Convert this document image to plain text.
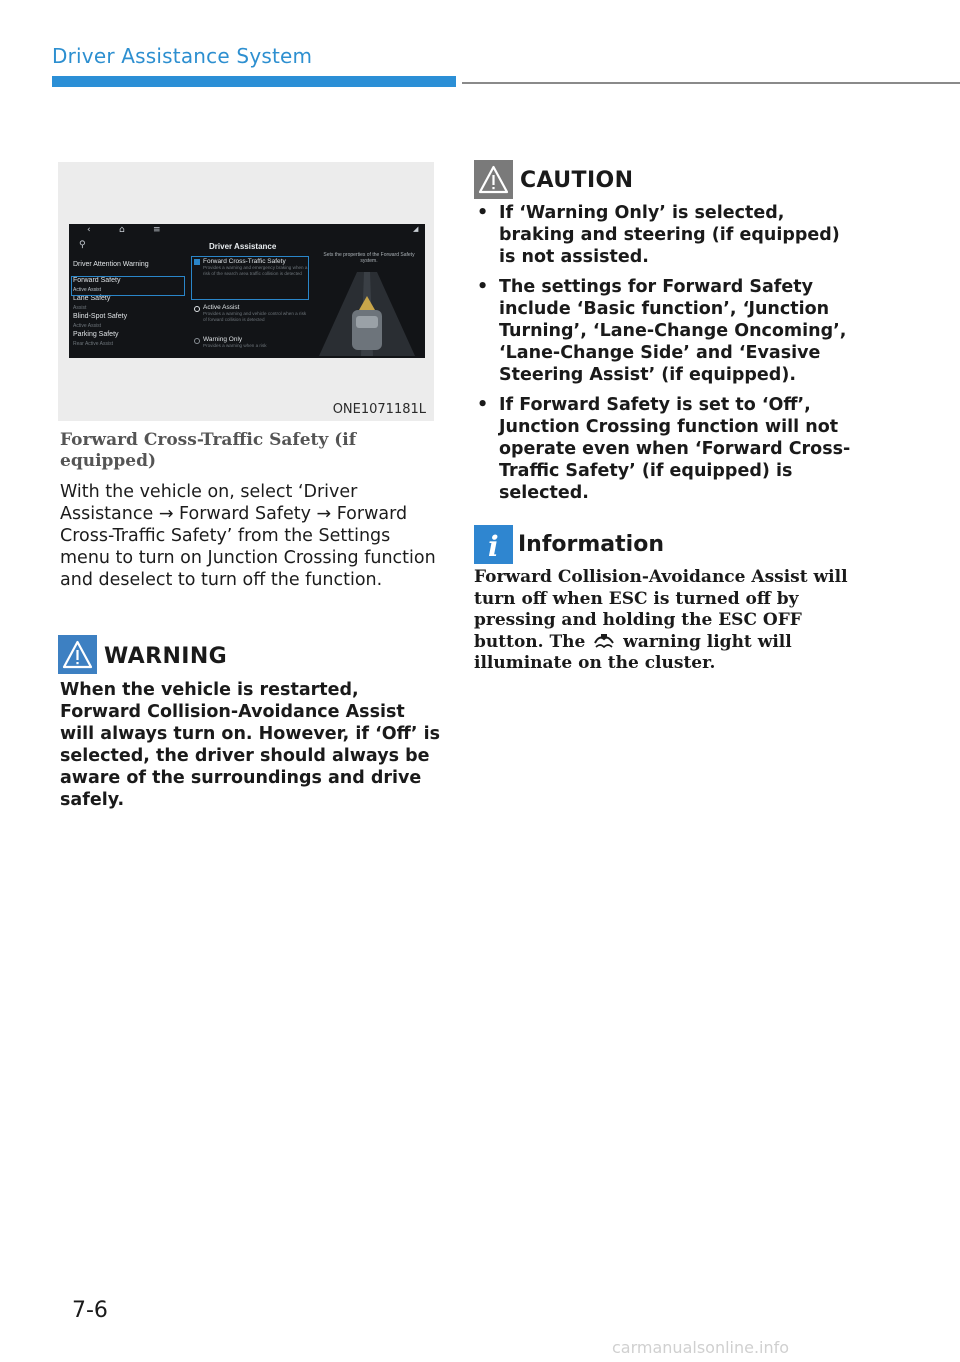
Driver Assistance System
‹	⌂	≡	◢
⚲	Driver Assistance
Driver Attention Warning
Forward Safety
Active Assist
Lane Safety
Assist
Blind-Spot Safety
Active Assist
Parking Safety
Rear Active Assist
Forward Cross-Traffic Safety
Provides a warning and emergency braking when a risk of the search area traffic collision is detected
Active Assist
Provides a warning and vehicle control when a risk of forward collision is detected
Warning Only
Provides a warning when a risk
Sets the properties of the Forward Safety system.
ONE1071181L
Forward Cross-Traffic Safety (if equipped)
With the vehicle on, select ‘Driver Assistance → Forward Safety → Forward Cross-Traffic Safety’ from the Settings menu to turn on Junction Crossing function and deselect to turn off the function.
WARNING
When the vehicle is restarted, Forward Collision-Avoidance Assist will always turn on. However, if ‘Off’ is selected, the driver should always be aware of the surroundings and drive safely.
CAUTION
• If ‘Warning Only’ is selected, braking and steering (if equipped) is not assisted.
• The settings for Forward Safety include ‘Basic function’, ‘Junction Turning’, ‘Lane-Change Oncoming’, ‘Lane-Change Side’ and ‘Evasive Steering Assist’ (if equipped).
• If Forward Safety is set to ‘Off’, Junction Crossing function will not operate even when ‘Forward Cross-Traffic Safety’ (if equipped) is selected.
i Information
Forward Collision-Avoidance Assist will turn off when ESC is turned off by pressing and holding the ESC OFF button. The warning light will illuminate on the cluster.
7-6
carmanualsonline.info
